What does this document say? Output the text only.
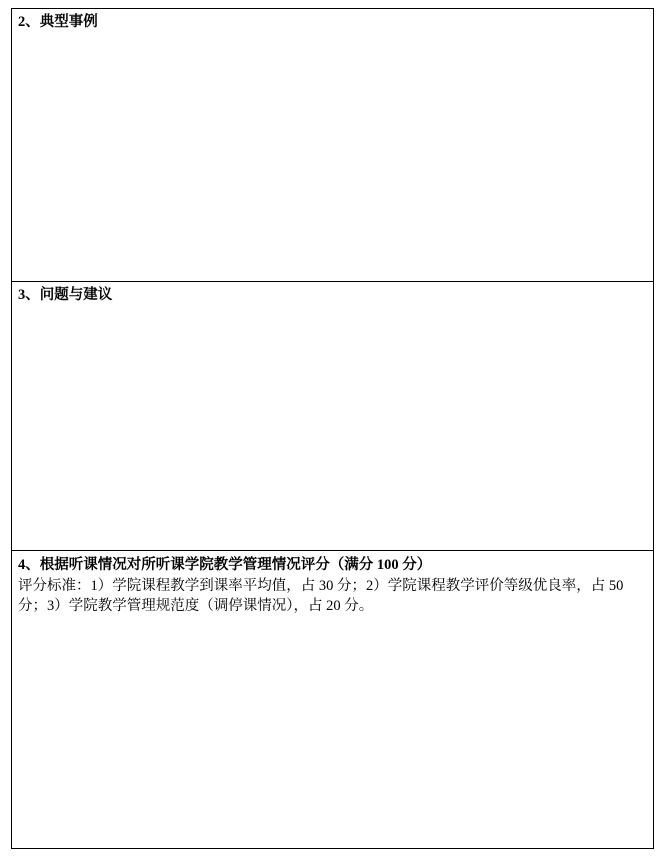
2、典型事例

3、问题与建议

4、根据听课情况对所听课学院教学管理情况评分（满分 100 分）
评分标准：1）学院课程教学到课率平均值，占 30 分；2）学院课程教学评价等级优良率，占 50 分；3）学院教学管理规范度（调停课情况），占 20 分。
